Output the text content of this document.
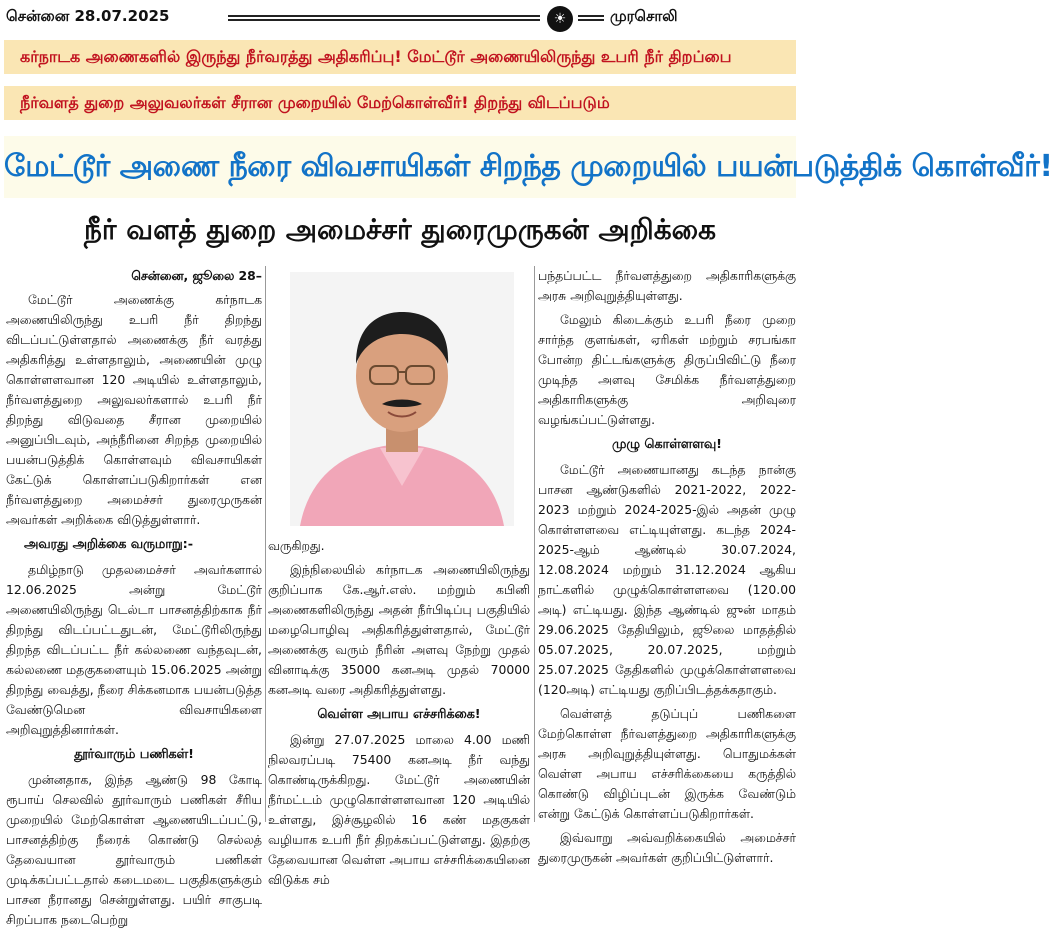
சென்னை 28.07.2025	☀	முரசொலி
கர்நாடக அணைகளில் இருந்து நீர்வரத்து அதிகரிப்பு! மேட்டூர் அணையிலிருந்து உபரி நீர் திறப்பை
நீர்வளத் துறை அலுவலர்கள் சீரான முறையில் மேற்கொள்வீர்! திறந்து விடப்படும்
மேட்டூர் அணை நீரை விவசாயிகள் சிறந்த முறையில் பயன்படுத்திக் கொள்வீர்!
நீர் வளத் துறை அமைச்சர் துரைமுருகன் அறிக்கை

சென்னை, ஜூலை 28–

மேட்டூர் அணைக்கு கர்நாடக அணையிலிருந்து உபரி நீர் திறந்து விடப்பட்டுள்ளதால் அணைக்கு நீர் வரத்து அதிகரித்து உள்ளதாலும், அணையின் முழு கொள்ளளவான 120 அடியில் உள்ளதாலும், நீர்வளத்துறை அலுவலர்களால் உபரி நீர் திறந்து விடுவதை சீரான முறையில் அனுப்பிடவும், அந்நீரினை சிறந்த முறையில் பயன்படுத்திக் கொள்ளவும் விவசாயிகள் கேட்டுக் கொள்ளப்படுகிறார்கள் என நீர்வளத்துறை அமைச்சர் துரைமுருகன் அவர்கள் அறிக்கை விடுத்துள்ளார்.

அவரது அறிக்கை வருமாறு:-

தமிழ்நாடு முதலமைச்சர் அவர்களால் 12.06.2025 அன்று மேட்டூர் அணையிலிருந்து டெல்டா பாசனத்திற்காக நீர் திறந்து விடப்பட்டதுடன், மேட்டூரிலிருந்து திறந்த விடப்பட்ட நீர் கல்லணை வந்தவுடன், கல்லணை மதகுகளையும் 15.06.2025 அன்று திறந்து வைத்து, நீரை சிக்கனமாக பயன்படுத்த வேண்டுமென விவசாயிகளை அறிவுறுத்தினார்கள்.

தூர்வாரும் பணிகள்!

முன்னதாக, இந்த ஆண்டு 98 கோடி ரூபாய் செலவில் தூர்வாரும் பணிகள் சீரிய முறையில் மேற்கொள்ள ஆணையிடப்பட்டு, பாசனத்திற்கு நீரைக் கொண்டு செல்லத் தேவையான தூர்வாரும் பணிகள் முடிக்கப்பட்டதால் கடைமடை பகுதிகளுக்கும் பாசன நீரானது சென்றுள்ளது. பயிர் சாகுபடி சிறப்பாக நடைபெற்று

வருகிறது.

இந்நிலையில் கர்நாடக அணையிலிருந்து குறிப்பாக கே.ஆர்.எஸ். மற்றும் கபினி அணைகளிலிருந்து அதன் நீர்பிடிப்பு பகுதியில் மழைபொழிவு அதிகரித்துள்ளதால், மேட்டூர் அணைக்கு வரும் நீரின் அளவு நேற்று முதல் வினாடிக்கு 35000 கனஅடி முதல் 70000 கனஅடி வரை அதிகரித்துள்ளது.

வெள்ள அபாய எச்சரிக்கை!

இன்று 27.07.2025 மாலை 4.00 மணி நிலவரப்படி 75400 கனஅடி நீர் வந்து கொண்டிருக்கிறது. மேட்டூர் அணையின் நீர்மட்டம் முழுகொள்ளளவான 120 அடியில் உள்ளது, இச்சூழலில் 16 கண் மதகுகள் வழியாக உபரி நீர் திறக்கப்பட்டுள்ளது. இதற்கு தேவையான வெள்ள அபாய எச்சரிக்கையினை விடுக்க சம்

பந்தப்பட்ட நீர்வளத்துறை அதிகாரிகளுக்கு அரசு அறிவுறுத்தியுள்ளது.

மேலும் கிடைக்கும் உபரி நீரை முறை சார்ந்த குளங்கள், ஏரிகள் மற்றும் சரபங்கா போன்ற திட்டங்களுக்கு திருப்பிவிட்டு நீரை முடிந்த அளவு சேமிக்க நீர்வளத்துறை அதிகாரிகளுக்கு அறிவுரை வழங்கப்பட்டுள்ளது.

முழு கொள்ளளவு!

மேட்டூர் அணையானது கடந்த நான்கு பாசன ஆண்டுகளில் 2021-2022, 2022-2023 மற்றும் 2024-2025-இல் அதன் முழு கொள்ளளவை எட்டியுள்ளது. கடந்த 2024-2025-ஆம் ஆண்டில் 30.07.2024, 12.08.2024 மற்றும் 31.12.2024 ஆகிய நாட்களில் முழுக்கொள்ளளவை (120.00 அடி) எட்டியது. இந்த ஆண்டில் ஜுன் மாதம் 29.06.2025 தேதியிலும், ஜூலை மாதத்தில் 05.07.2025, 20.07.2025, மற்றும் 25.07.2025 தேதிகளில் முழுக்கொள்ளளவை (120அடி) எட்டியது குறிப்பிடத்தக்கதாகும்.

வெள்ளத் தடுப்புப் பணிகளை மேற்கொள்ள நீர்வளத்துறை அதிகாரிகளுக்கு அரசு அறிவுறுத்தியுள்ளது. பொதுமக்கள் வெள்ள அபாய எச்சரிக்கையை கருத்தில் கொண்டு விழிப்புடன் இருக்க வேண்டும் என்று கேட்டுக் கொள்ளப்படுகிறார்கள்.

இவ்வாறு அவ்வறிக்கையில் அமைச்சர் துரைமுருகன் அவர்கள் குறிப்பிட்டுள்ளார்.
